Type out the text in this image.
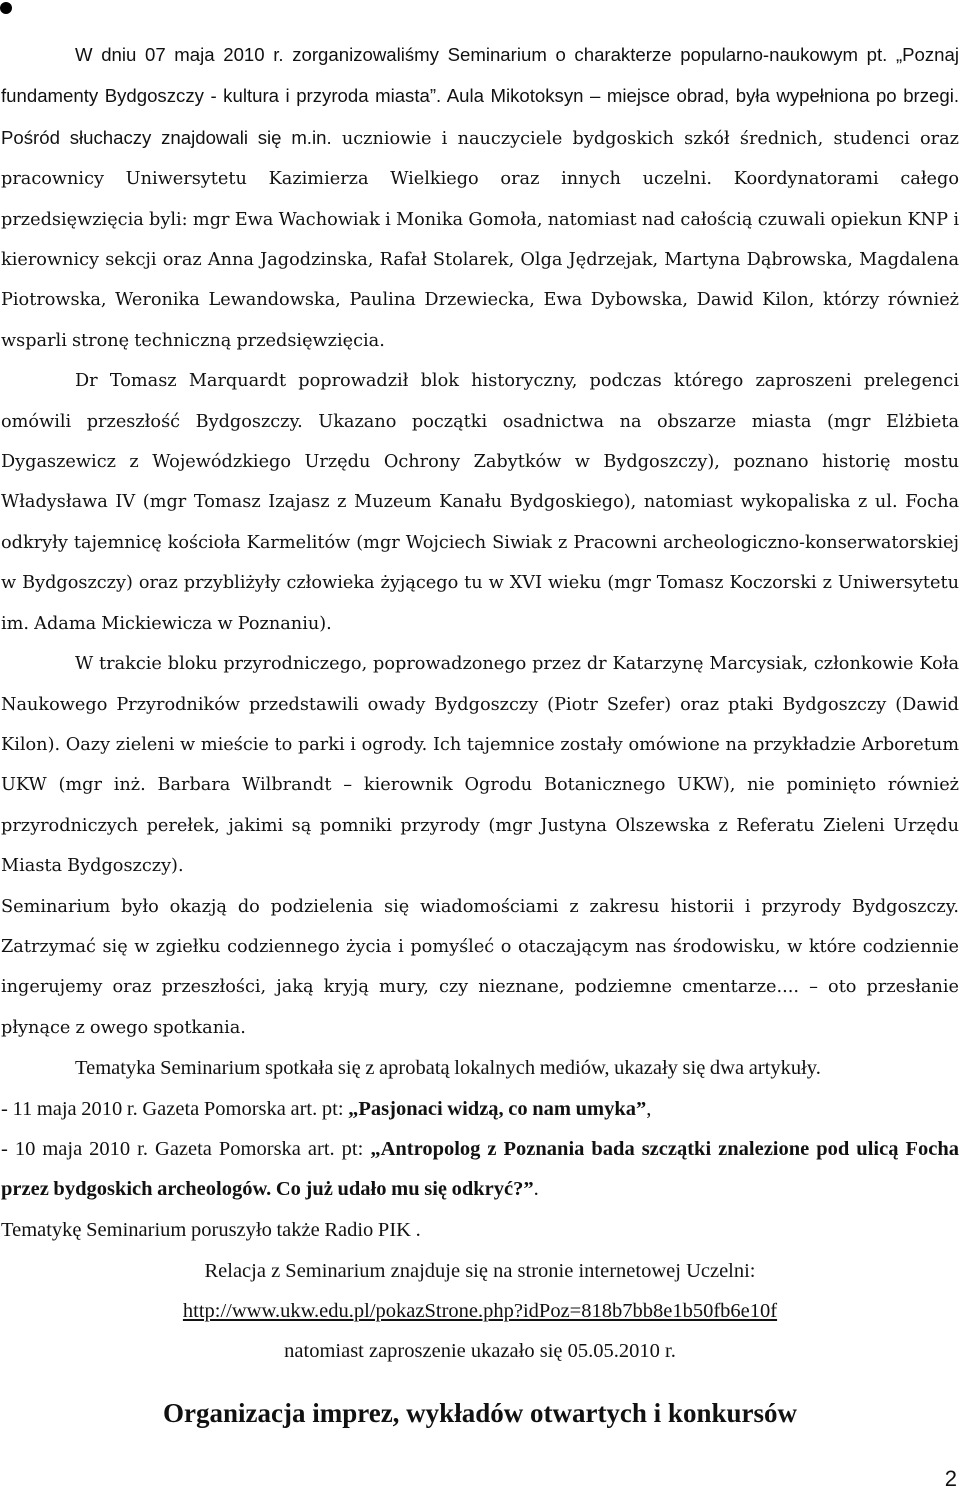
W dniu 07 maja 2010 r. zorganizowaliśmy Seminarium o charakterze popularno-naukowym pt. „Poznaj fundamenty Bydgoszczy - kultura i przyroda miasta”. Aula Mikotoksyn – miejsce obrad, była wypełniona po brzegi. Pośród słuchaczy znajdowali się m.in. uczniowie i nauczyciele bydgoskich szkół średnich, studenci oraz pracownicy Uniwersytetu Kazimierza Wielkiego oraz innych uczelni. Koordynatorami całego przedsięwzięcia byli: mgr Ewa Wachowiak i Monika Gomoła, natomiast nad całością czuwali opiekun KNP i kierownicy sekcji oraz Anna Jagodzinska, Rafał Stolarek, Olga Jędrzejak, Martyna Dąbrowska, Magdalena Piotrowska, Weronika Lewandowska, Paulina Drzewiecka, Ewa Dybowska, Dawid Kilon, którzy również wsparli stronę techniczną przedsięwzięcia.

Dr Tomasz Marquardt poprowadził blok historyczny, podczas którego zaproszeni prelegenci omówili przeszłość Bydgoszczy. Ukazano początki osadnictwa na obszarze miasta (mgr Elżbieta Dygaszewicz z Wojewódzkiego Urzędu Ochrony Zabytków w Bydgoszczy), poznano historię mostu Władysława IV (mgr Tomasz Izajasz z Muzeum Kanału Bydgoskiego), natomiast wykopaliska z ul. Focha odkryły tajemnicę kościoła Karmelitów (mgr Wojciech Siwiak z Pracowni archeologiczno-konserwatorskiej w Bydgoszczy) oraz przybliżyły człowieka żyjącego tu w XVI wieku (mgr Tomasz Koczorski z Uniwersytetu im. Adama Mickiewicza w Poznaniu).

W trakcie bloku przyrodniczego, poprowadzonego przez dr Katarzynę Marcysiak, członkowie Koła Naukowego Przyrodników przedstawili owady Bydgoszczy (Piotr Szefer) oraz ptaki Bydgoszczy (Dawid Kilon). Oazy zieleni w mieście to parki i ogrody. Ich tajemnice zostały omówione na przykładzie Arboretum UKW (mgr inż. Barbara Wilbrandt – kierownik Ogrodu Botanicznego UKW), nie pominięto również przyrodniczych perełek, jakimi są pomniki przyrody (mgr Justyna Olszewska z Referatu Zieleni Urzędu Miasta Bydgoszczy).

Seminarium było okazją do podzielenia się wiadomościami z zakresu historii i przyrody Bydgoszczy. Zatrzymać się w zgiełku codziennego życia i pomyśleć o otaczającym nas środowisku, w które codziennie ingerujemy oraz przeszłości, jaką kryją mury, czy nieznane, podziemne cmentarze.... – oto przesłanie płynące z owego spotkania.

Tematyka Seminarium spotkała się z aprobatą lokalnych mediów, ukazały się dwa artykuły.

- 11 maja 2010 r. Gazeta Pomorska art. pt: „Pasjonaci widzą, co nam umyka”,

- 10 maja 2010 r. Gazeta Pomorska art. pt: „Antropolog z Poznania bada szczątki znalezione pod ulicą Focha przez bydgoskich archeologów. Co już udało mu się odkryć?”.

Tematykę Seminarium poruszyło także Radio PIK .

Relacja z Seminarium znajduje się na stronie internetowej Uczelni:
http://www.ukw.edu.pl/pokazStrone.php?idPoz=818b7bb8e1b50fb6e10f
natomiast zaproszenie ukazało się 05.05.2010 r.
Organizacja imprez, wykładów otwartych i konkursów
2
